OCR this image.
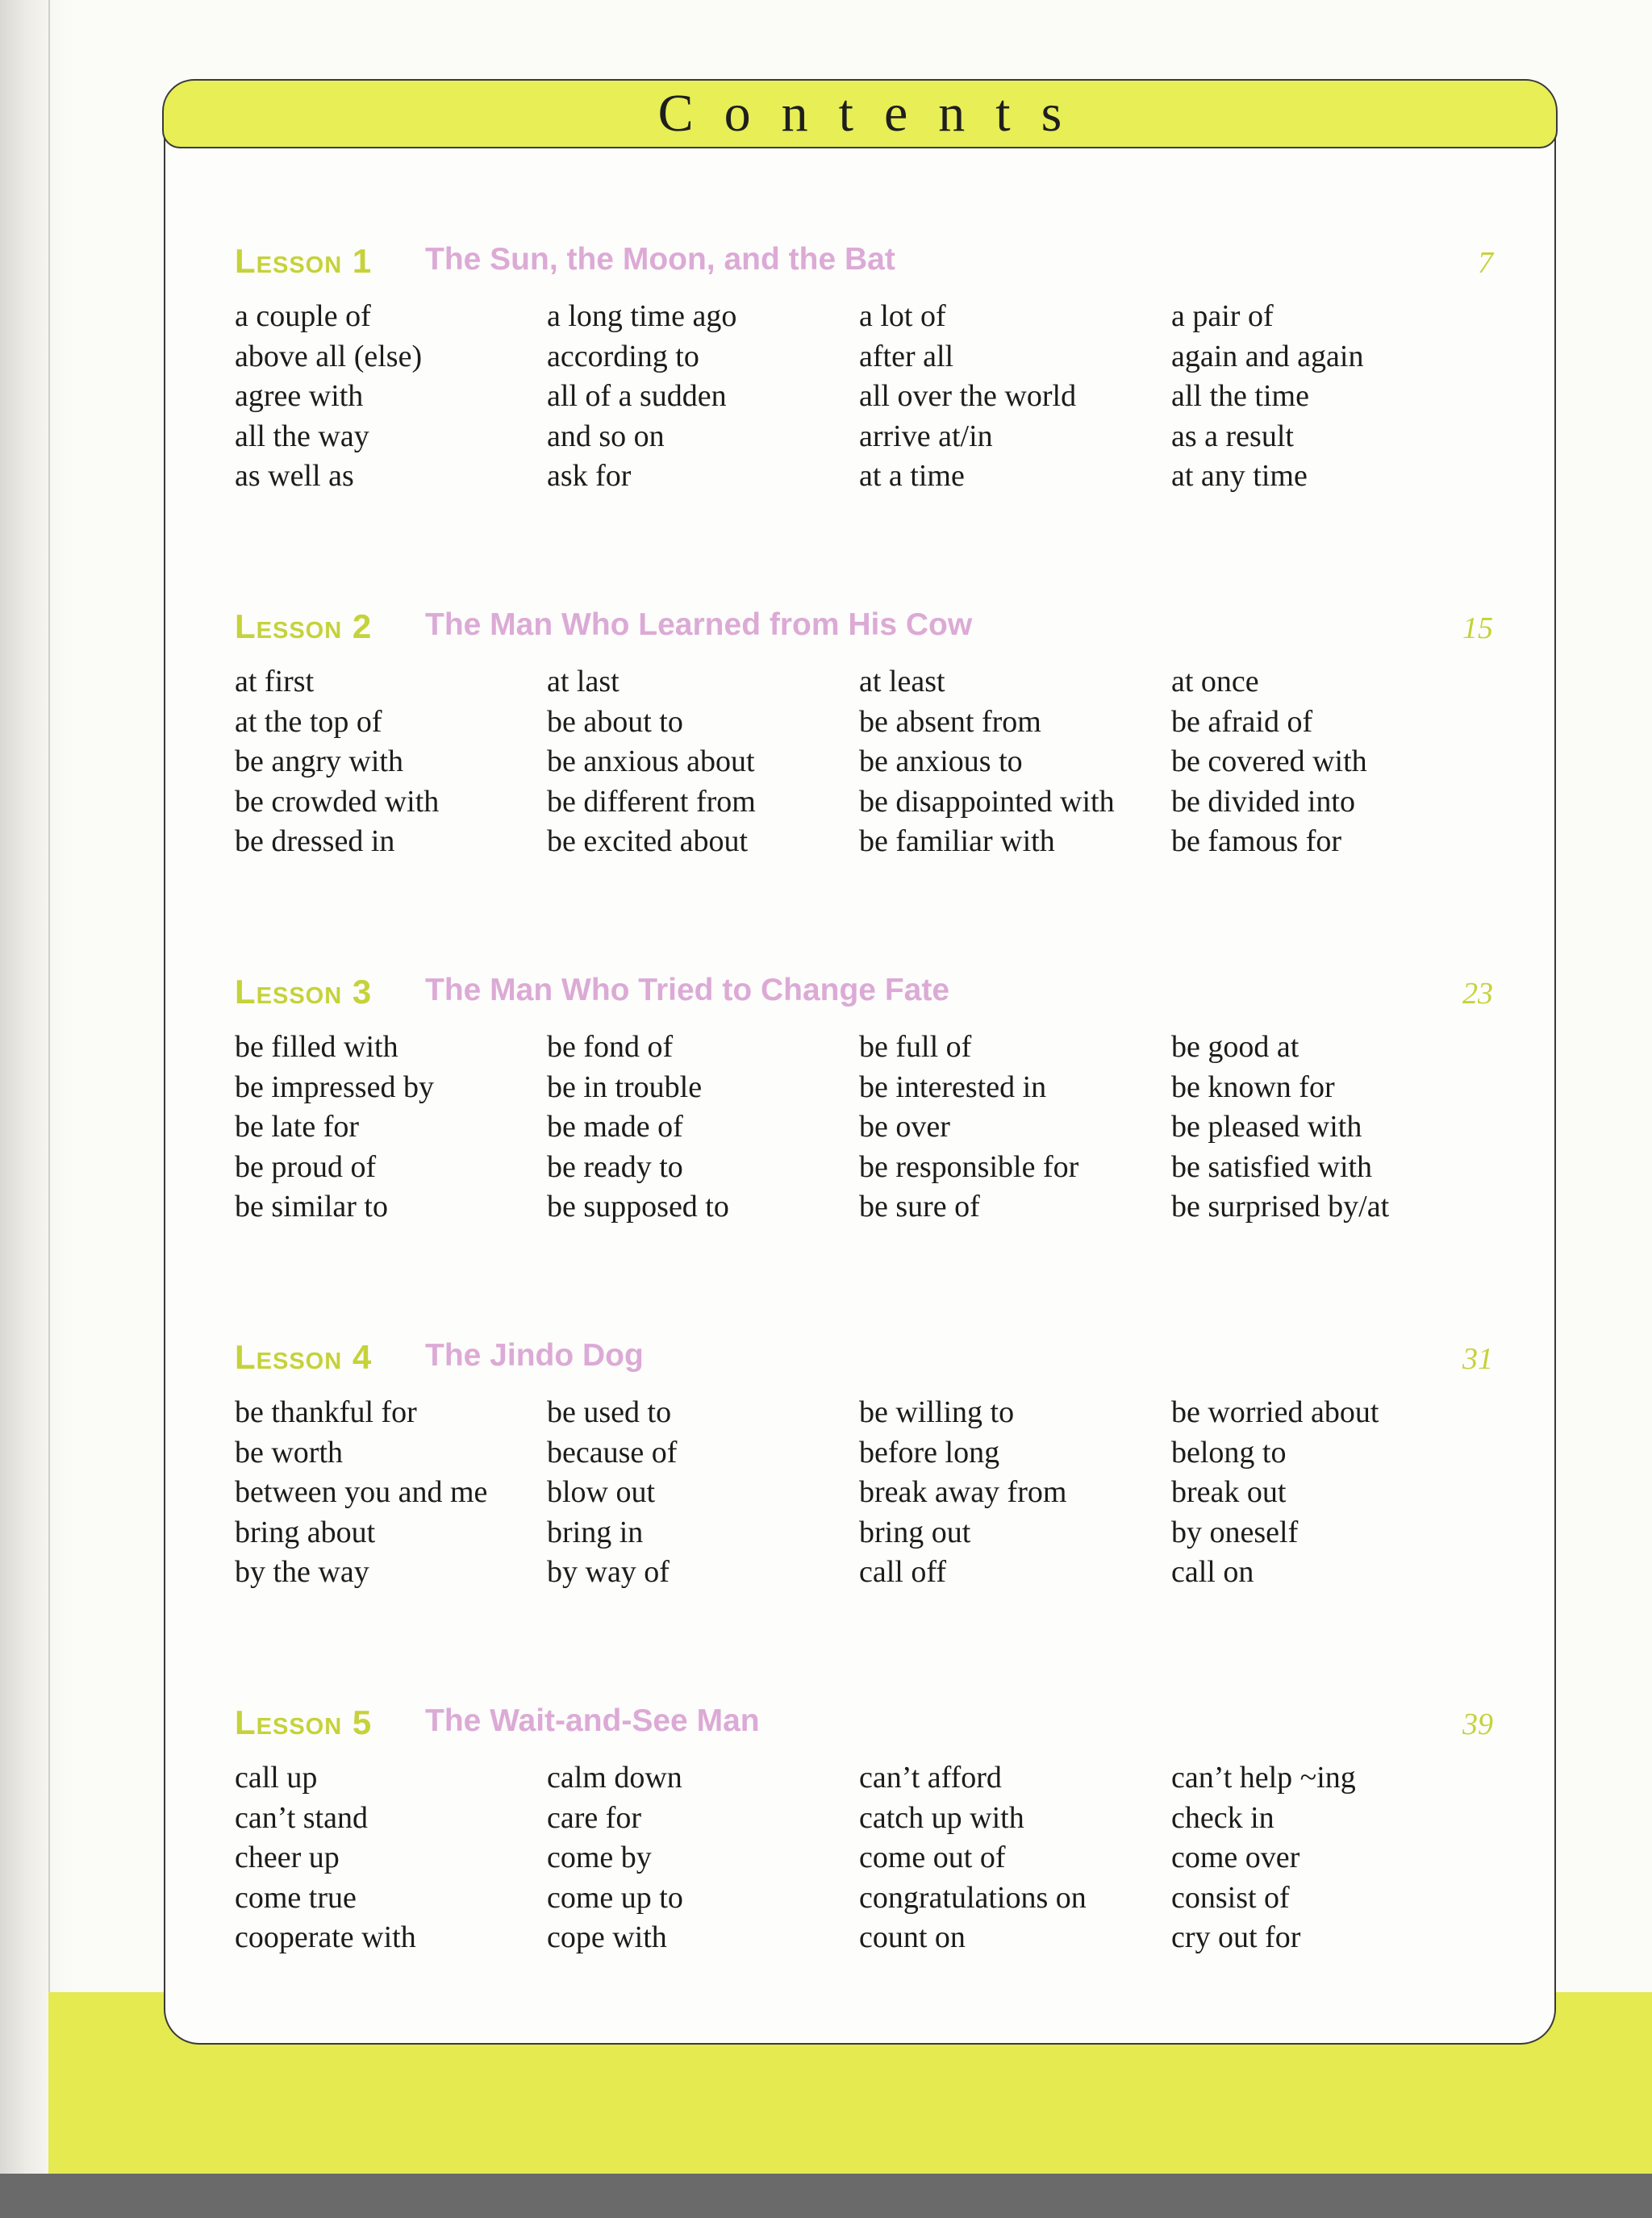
Contents
Lesson 1 The Sun, the Moon, and the Bat	7
a couple of	a long time ago	a lot of	a pair of
above all (else)	according to	after all	again and again
agree with	all of a sudden	all over the world	all the time
all the way	and so on	arrive at/in	as a result
as well as	ask for	at a time	at any time
Lesson 2 The Man Who Learned from His Cow	15
at first	at last	at least	at once
at the top of	be about to	be absent from	be afraid of
be angry with	be anxious about	be anxious to	be covered with
be crowded with	be different from	be disappointed with	be divided into
be dressed in	be excited about	be familiar with	be famous for
Lesson 3 The Man Who Tried to Change Fate	23
be filled with	be fond of	be full of	be good at
be impressed by	be in trouble	be interested in	be known for
be late for	be made of	be over	be pleased with
be proud of	be ready to	be responsible for	be satisfied with
be similar to	be supposed to	be sure of	be surprised by/at
Lesson 4 The Jindo Dog	31
be thankful for	be used to	be willing to	be worried about
be worth	because of	before long	belong to
between you and me	blow out	break away from	break out
bring about	bring in	bring out	by oneself
by the way	by way of	call off	call on
Lesson 5 The Wait-and-See Man	39
call up	calm down	can’t afford	can’t help ~ing
can’t stand	care for	catch up with	check in
cheer up	come by	come out of	come over
come true	come up to	congratulations on	consist of
cooperate with	cope with	count on	cry out for
